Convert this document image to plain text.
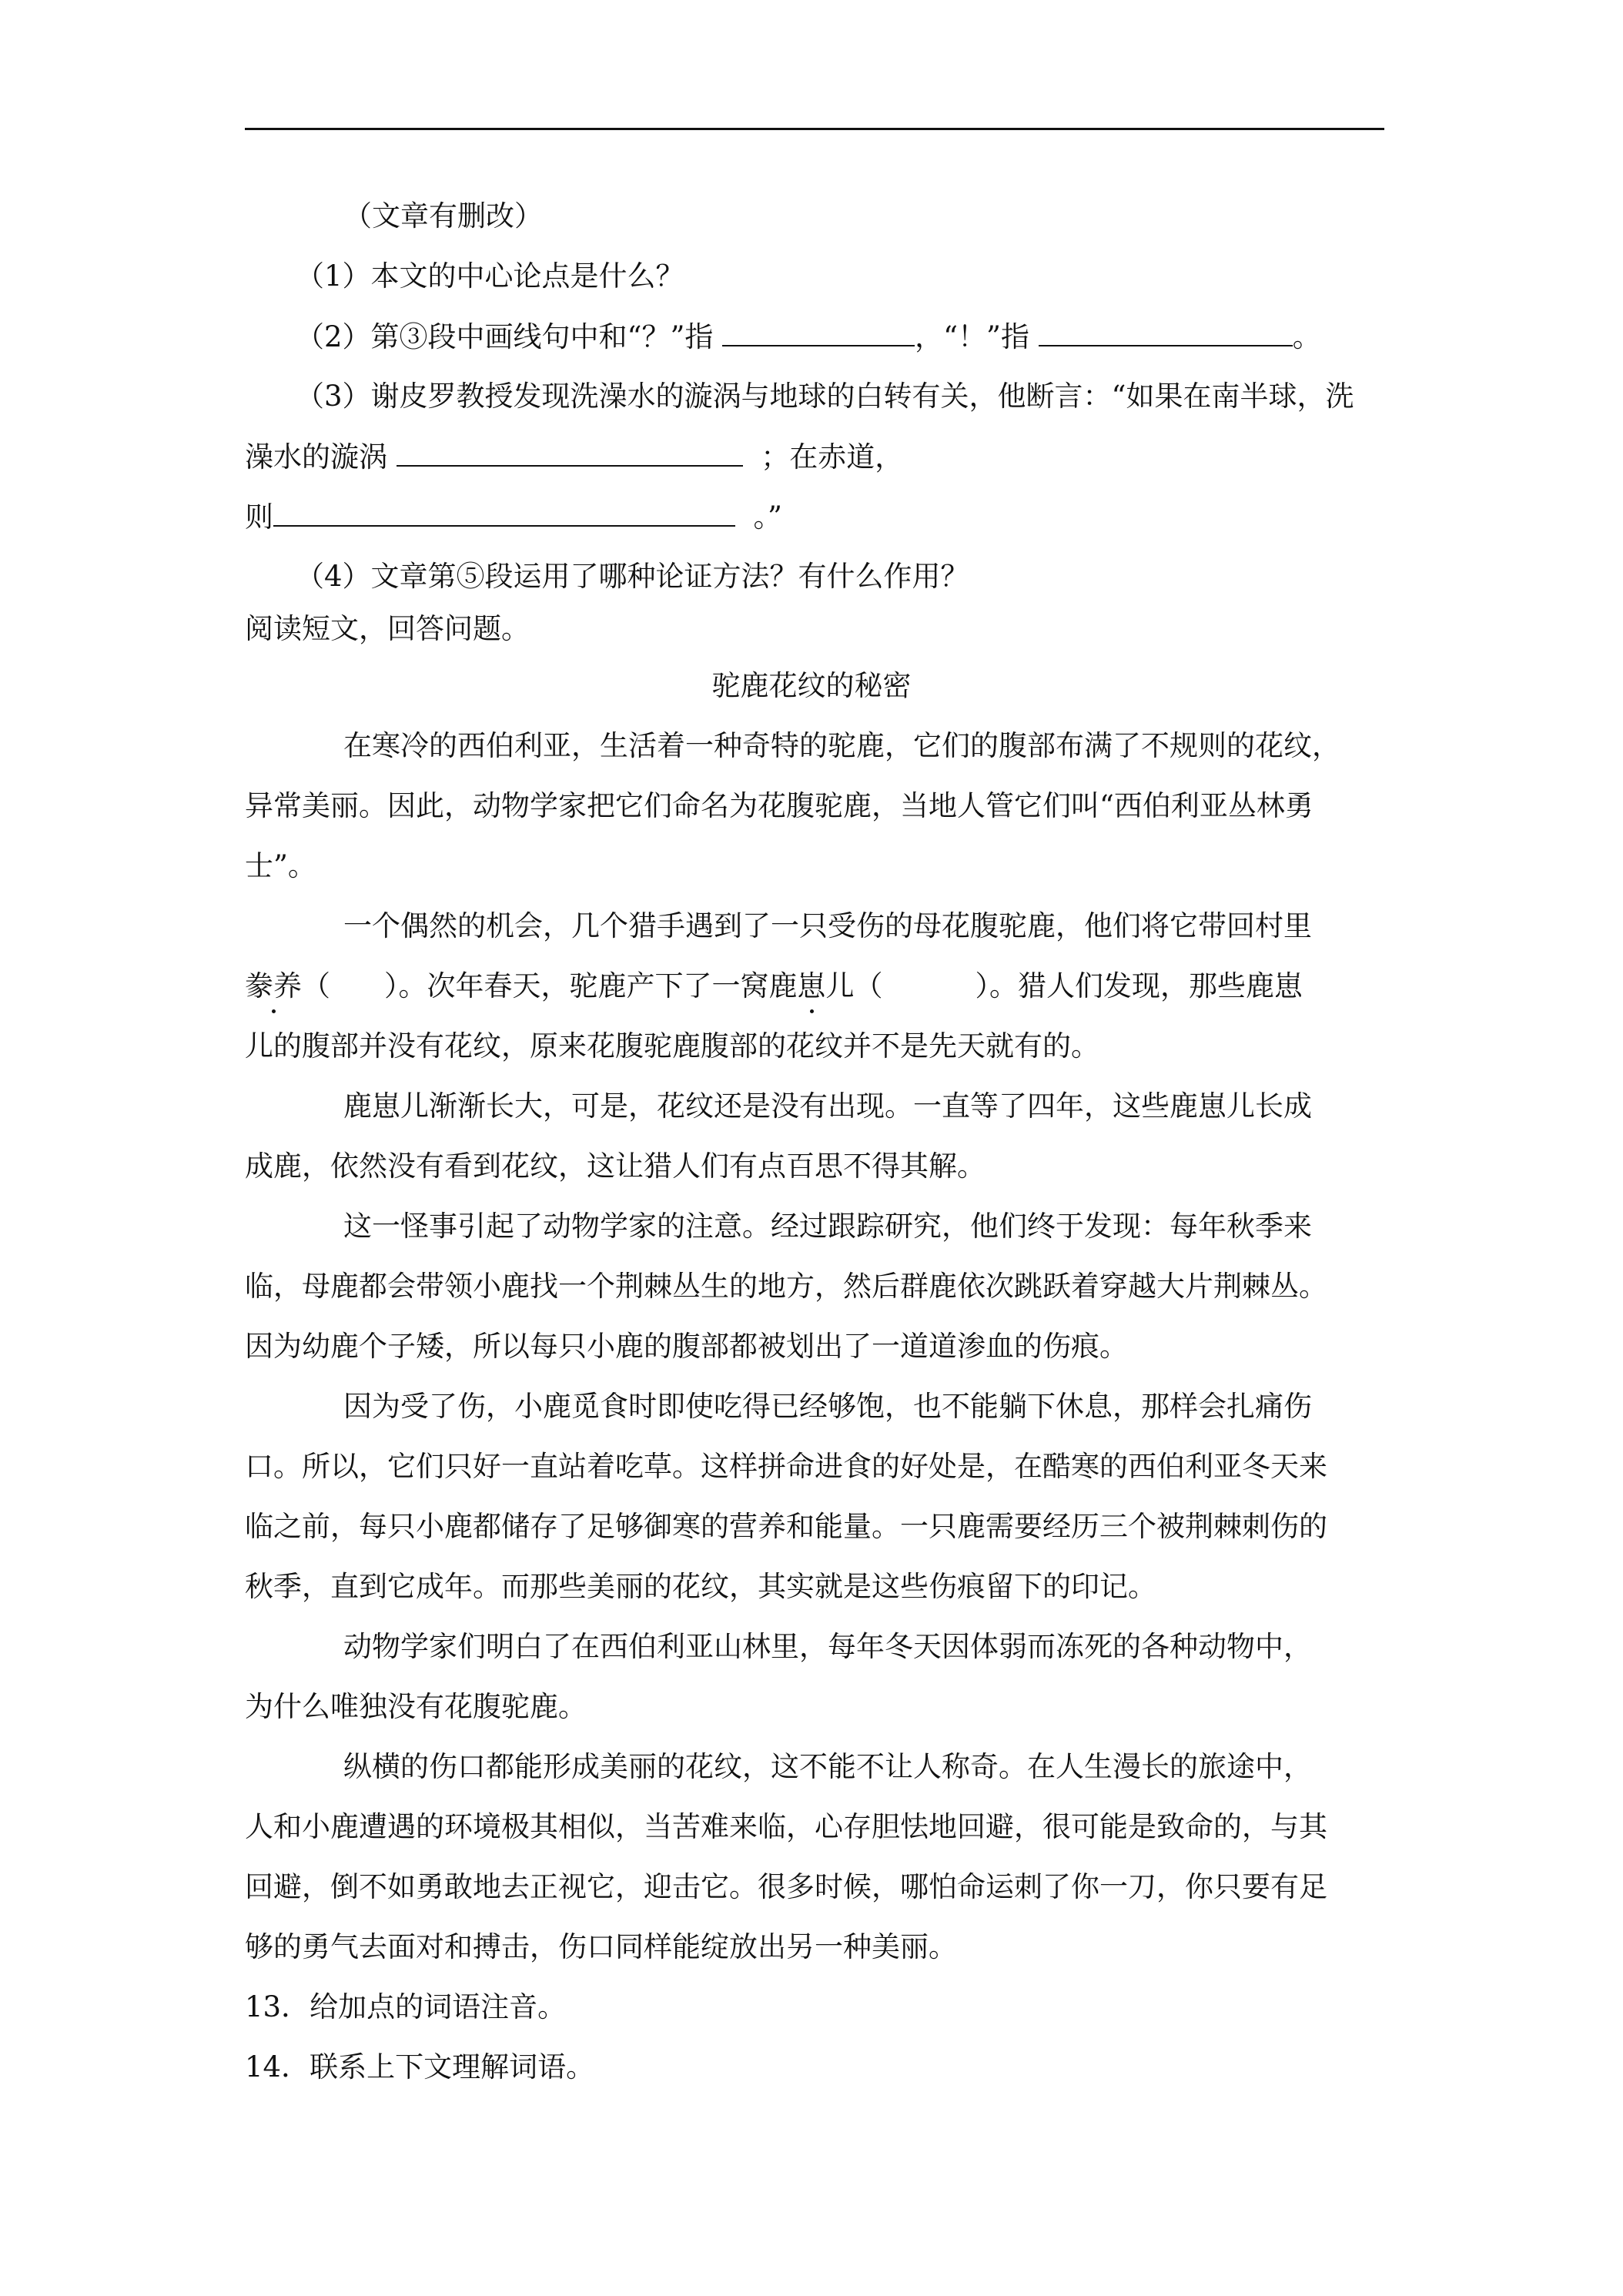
（文章有删改）
（1）本文的中心论点是什么？
（2）第③段中画线句中和“？”指	，“！”指	。
（3）谢皮罗教授发现洗澡水的漩涡与地球的白转有关，他断言：“如果在南半球，洗
澡水的漩涡	；在赤道，
则	。”
（4）文章第⑤段运用了哪种论证方法？有什么作用？
阅读短文，回答问题。
驼鹿花纹的秘密
在寒冷的西伯利亚，生活着一种奇特的驼鹿，它们的腹部布满了不规则的花纹，
异常美丽。因此，动物学家把它们命名为花腹驼鹿，当地人管它们叫“西伯利亚丛林勇
士”。
一个偶然的机会，几个猎手遇到了一只受伤的母花腹驼鹿，他们将它带回村里
豢养（ ）。次年春天，驼鹿产下了一窝鹿崽儿（	）。猎人们发现，那些鹿崽
儿的腹部并没有花纹，原来花腹驼鹿腹部的花纹并不是先天就有的。
鹿崽儿渐渐长大，可是，花纹还是没有出现。一直等了四年，这些鹿崽儿长成
成鹿，依然没有看到花纹，这让猎人们有点百思不得其解。
这一怪事引起了动物学家的注意。经过跟踪研究，他们终于发现：每年秋季来
临，母鹿都会带领小鹿找一个荆棘丛生的地方，然后群鹿依次跳跃着穿越大片荆棘丛。
因为幼鹿个子矮，所以每只小鹿的腹部都被划出了一道道渗血的伤痕。
因为受了伤，小鹿觅食时即使吃得已经够饱，也不能躺下休息，那样会扎痛伤
口。所以，它们只好一直站着吃草。这样拼命进食的好处是，在酷寒的西伯利亚冬天来
临之前，每只小鹿都储存了足够御寒的营养和能量。一只鹿需要经历三个被荆棘刺伤的
秋季，直到它成年。而那些美丽的花纹，其实就是这些伤痕留下的印记。
动物学家们明白了在西伯利亚山林里，每年冬天因体弱而冻死的各种动物中，
为什么唯独没有花腹驼鹿。
纵横的伤口都能形成美丽的花纹，这不能不让人称奇。在人生漫长的旅途中，
人和小鹿遭遇的环境极其相似，当苦难来临，心存胆怯地回避，很可能是致命的，与其
回避，倒不如勇敢地去正视它，迎击它。很多时候，哪怕命运刺了你一刀，你只要有足
够的勇气去面对和搏击，伤口同样能绽放出另一种美丽。
13．给加点的词语注音。
14．联系上下文理解词语。
